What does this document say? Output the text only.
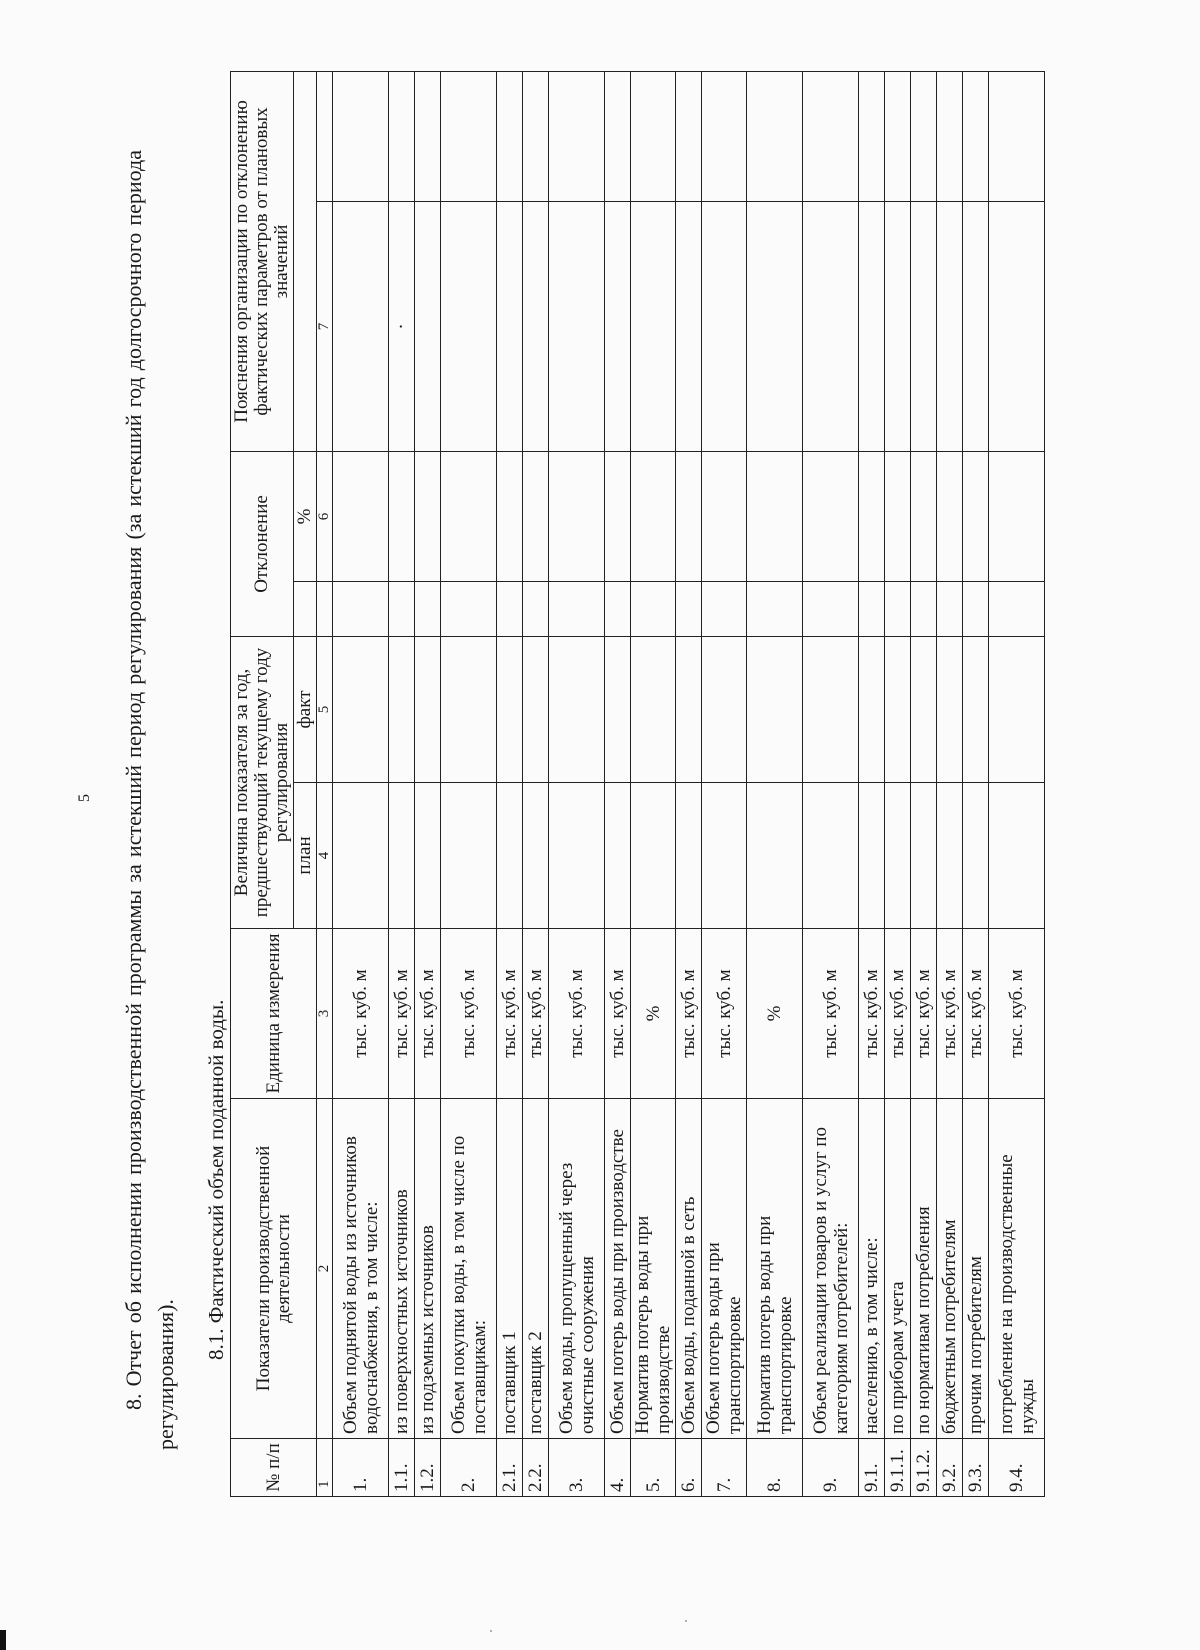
5 8. Отчет об исполнении производственной программы за истекший период регулирования (за истекший год долгосрочного периода регулирования).

8.1. Фактический объем поданной воды.

№ п/п	Показатели производственной деятельности	Единица измерения	Величина показателя за год, предшествующий текущему году регулирования		Отклонение		Пояснения организации по отклонению фактических параметров от плановых значений	
			план	факт		%		
1	2	3	4	5		6	7	
1.	Объем поднятой воды из источников водоснабжения, в том числе:	тыс. куб. м						
1.1.	из поверхностных источников	тыс. куб. м					·	
1.2.	из подземных источников	тыс. куб. м						
2.	Объем покупки воды, в том числе по поставщикам:	тыс. куб. м						
2.1.	поставщик 1	тыс. куб. м						
2.2.	поставщик 2	тыс. куб. м						
3.	Объем воды, пропущенный через очистные сооружения	тыс. куб. м						
4.	Объем потерь воды при производстве	тыс. куб. м						
5.	Норматив потерь воды при производстве	%						
6.	Объем воды, поданной в сеть	тыс. куб. м						
7.	Объем потерь воды при транспортировке	тыс. куб. м						
8.	Норматив потерь воды при транспортировке	%						
9.	Объем реализации товаров и услуг по категориям потребителей:	тыс. куб. м						
9.1.	населению, в том числе:	тыс. куб. м						
9.1.1.	по приборам учета	тыс. куб. м						
9.1.2.	по нормативам потребления	тыс. куб. м						
9.2.	бюджетным потребителям	тыс. куб. м						
9.3.	прочим потребителям	тыс. куб. м						
9.4.	потребление на производственные нужды	тыс. куб. м						
